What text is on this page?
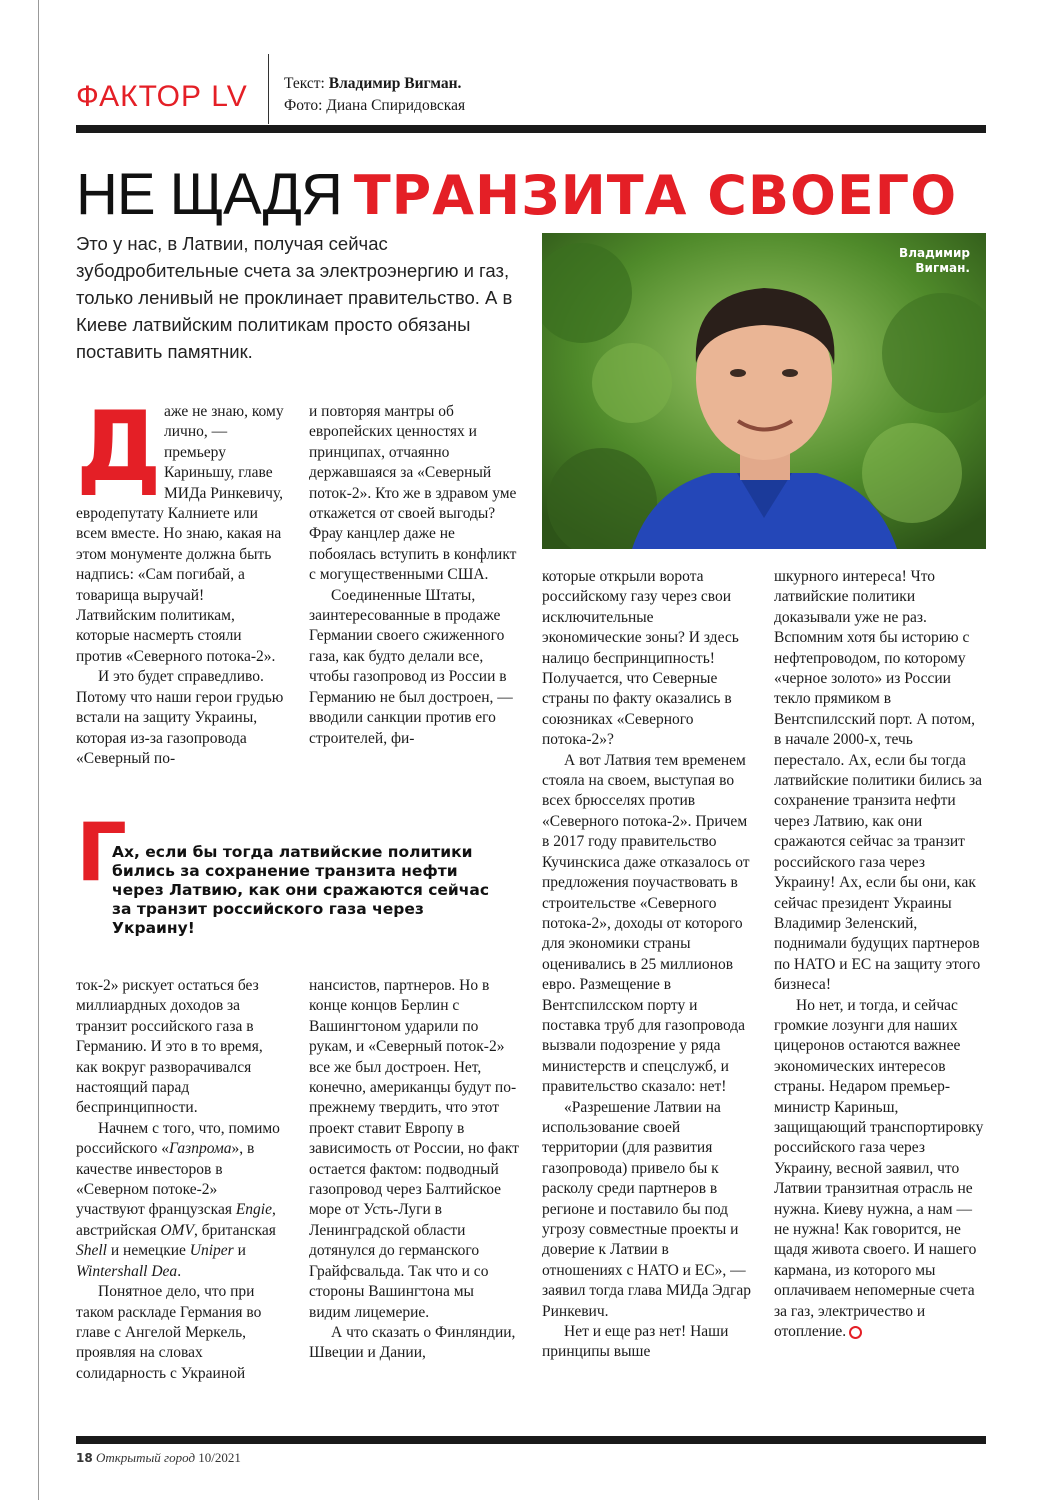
ФАКТОР LV Текст: Владимир Вигман.
Фото: Диана Спиридовская
НЕ ЩАДЯ ТРАНЗИТА СВОЕГО
Это у нас, в Латвии, получая сейчас зубодробительные счета за электроэнергию и газ, только ленивый не проклинает правительство. А в Киеве латвийским политикам просто обязаны поставить памятник.
Владимир Вигман.
Д аже не знаю, кому лично, — премьеру Кариньшу, главе МИДа Ринкевичу, евродепутату Калниете или всем вместе. Но знаю, какая на этом монументе должна быть надпись: «Сам погибай, а товарища выручай! Латвийским политикам, которые насмерть стояли против «Северного потока-2».

И это будет справедливо. Потому что наши герои грудью встали на защиту Украины, которая из-за газопровода «Северный по-

и повторяя мантры об европейских ценностях и принципах, отчаянно державшаяся за «Северный поток-2». Кто же в здравом уме откажется от своей выгоды? Фрау канцлер даже не побоялась вступить в конфликт с могущественными США.

Соединенные Штаты, заинтересованные в продаже Германии своего сжиженного газа, как будто делали все, чтобы газопровод из России в Германию не был достроен, — вводили санкции против его строителей, фи-

Г
Ах, если бы тогда латвийские политики бились за сохранение транзита нефти через Латвию, как они сражаются сейчас за транзит российского газа через Украину!

ток-2» рискует остаться без миллиардных доходов за транзит российского газа в Германию. И это в то время, как вокруг разворачивался настоящий парад беспринципности.

Начнем с того, что, помимо российского «Газпрома», в качестве инвесторов в «Северном потоке-2» участвуют французская Engie, австрийская OMV, британская Shell и немецкие Uniper и Wintershall Dea.

Понятное дело, что при таком раскладе Германия во главе с Ангелой Меркель, проявляя на словах солидарность с Украиной

нансистов, партнеров. Но в конце концов Берлин с Вашингтоном ударили по рукам, и «Северный поток-2» все же был достроен. Нет, конечно, американцы будут по-прежнему твердить, что этот проект ставит Европу в зависимость от России, но факт остается фактом: подводный газопровод через Балтийское море от Усть-Луги в Ленинградской области дотянулся до германского Грайфсвальда. Так что и со стороны Вашингтона мы видим лицемерие.

А что сказать о Финляндии, Швеции и Дании,

которые открыли ворота российскому газу через свои исключительные экономические зоны? И здесь налицо беспринципность! Получается, что Северные страны по факту оказались в союзниках «Северного потока-2»?

А вот Латвия тем временем стояла на своем, выступая во всех брюсселях против «Северного потока-2». Причем в 2017 году правительство Кучинскиса даже отказалось от предложения поучаствовать в строительстве «Северного потока-2», доходы от которого для экономики страны оценивались в 25 миллионов евро. Размещение в Вентспилсском порту и поставка труб для газопровода вызвали подозрение у ряда министерств и спецслужб, и правительство сказало: нет!

«Разрешение Латвии на использование своей территории (для развития газопровода) привело бы к расколу среди партнеров в регионе и поставило бы под угрозу совместные проекты и доверие к Латвии в отношениях с НАТО и ЕС», — заявил тогда глава МИДа Эдгар Ринкевич.

Нет и еще раз нет! Наши принципы выше

шкурного интереса! Что латвийские политики доказывали уже не раз. Вспомним хотя бы историю с нефтепроводом, по которому «черное золото» из России текло прямиком в Вентспилсский порт. А потом, в начале 2000-х, течь перестало. Ах, если бы тогда латвийские политики бились за сохранение транзита нефти через Латвию, как они сражаются сейчас за транзит российского газа через Украину! Ах, если бы они, как сейчас президент Украины Владимир Зеленский, поднимали будущих партнеров по НАТО и ЕС на защиту этого бизнеса!

Но нет, и тогда, и сейчас громкие лозунги для наших цицеронов остаются важнее экономических интересов страны. Недаром премьер-министр Кариньш, защищающий транспортировку российского газа через Украину, весной заявил, что Латвии транзитная отрасль не нужна. Киеву нужна, а нам — не нужна! Как говорится, не щадя живота своего. И нашего кармана, из которого мы оплачиваем непомерные счета за газ, электричество и отопление.

18 Открытый город 10/2021
